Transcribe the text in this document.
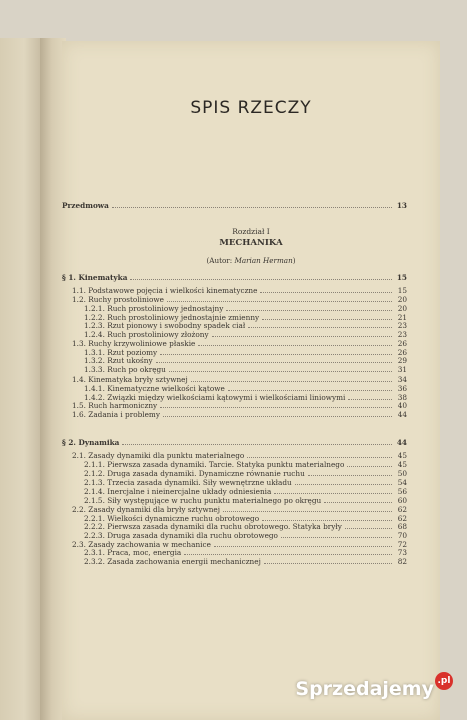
SPIS RZECZY
Przedmowa	13
Rozdział I
MECHANIKA
(Autor: Marian Herman)
§ 1. Kinematyka	15
1.1. Podstawowe pojęcia i wielkości kinematyczne	15
1.2. Ruchy prostoliniowe	20
1.2.1. Ruch prostoliniowy jednostajny	20
1.2.2. Ruch prostoliniowy jednostajnie zmienny	21
1.2.3. Rzut pionowy i swobodny spadek ciał	23
1.2.4. Ruch prostoliniowy złożony	23
1.3. Ruchy krzywoliniowe płaskie	26
1.3.1. Rzut poziomy	26
1.3.2. Rzut ukośny	29
1.3.3. Ruch po okręgu	31
1.4. Kinematyka bryły sztywnej	34
1.4.1. Kinematyczne wielkości kątowe	36
1.4.2. Związki między wielkościami kątowymi i wielkościami liniowymi	38
1.5. Ruch harmoniczny	40
1.6. Zadania i problemy	44
§ 2. Dynamika	44
2.1. Zasady dynamiki dla punktu materialnego	45
2.1.1. Pierwsza zasada dynamiki. Tarcie. Statyka punktu materialnego	45
2.1.2. Druga zasada dynamiki. Dynamiczne równanie ruchu	50
2.1.3. Trzecia zasada dynamiki. Siły wewnętrzne układu	54
2.1.4. Inercjalne i nieinercjalne układy odniesienia	56
2.1.5. Siły występujące w ruchu punktu materialnego po okręgu	60
2.2. Zasady dynamiki dla bryły sztywnej	62
2.2.1. Wielkości dynamiczne ruchu obrotowego	62
2.2.2. Pierwsza zasada dynamiki dla ruchu obrotowego. Statyka bryły	68
2.2.3. Druga zasada dynamiki dla ruchu obrotowego	70
2.3. Zasady zachowania w mechanice	72
2.3.1. Praca, moc, energia	73
2.3.2. Zasada zachowania energii mechanicznej	82
Sprzedajemy .pl
